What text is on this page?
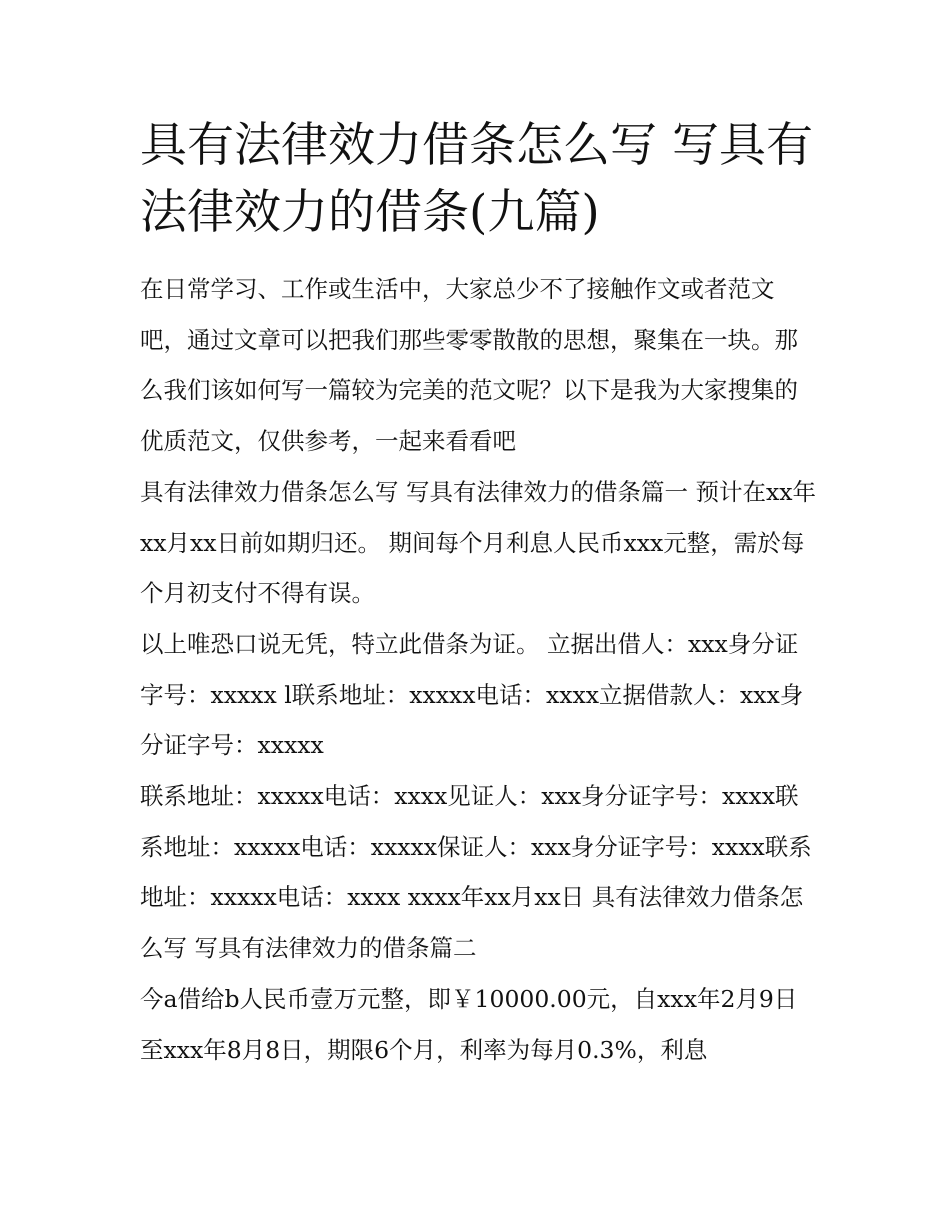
具有法律效力借条怎么写 写具有法律效力的借条(九篇)

在日常学习、工作或生活中，大家总少不了接触作文或者范文吧，通过文章可以把我们那些零零散散的思想，聚集在一块。那么我们该如何写一篇较为完美的范文呢？以下是我为大家搜集的优质范文，仅供参考，一起来看看吧

具有法律效力借条怎么写 写具有法律效力的借条篇一 预计在xx年xx月xx日前如期归还。 期间每个月利息人民币xxx元整，需於每个月初支付不得有误。

以上唯恐口说无凭，特立此借条为证。 立据出借人：xxx身分证字号：xxxxx l联系地址：xxxxx电话：xxxx立据借款人：xxx身分证字号：xxxxx

联系地址：xxxxx电话：xxxx见证人：xxx身分证字号：xxxx联系地址：xxxxx电话：xxxxx保证人：xxx身分证字号：xxxx联系地址：xxxxx电话：xxxx xxxx年xx月xx日 具有法律效力借条怎么写 写具有法律效力的借条篇二

今a借给b人民币壹万元整，即￥10000.00元，自xxx年2月9日至xxx年8月8日，期限6个月，利率为每月0.3%，利息
